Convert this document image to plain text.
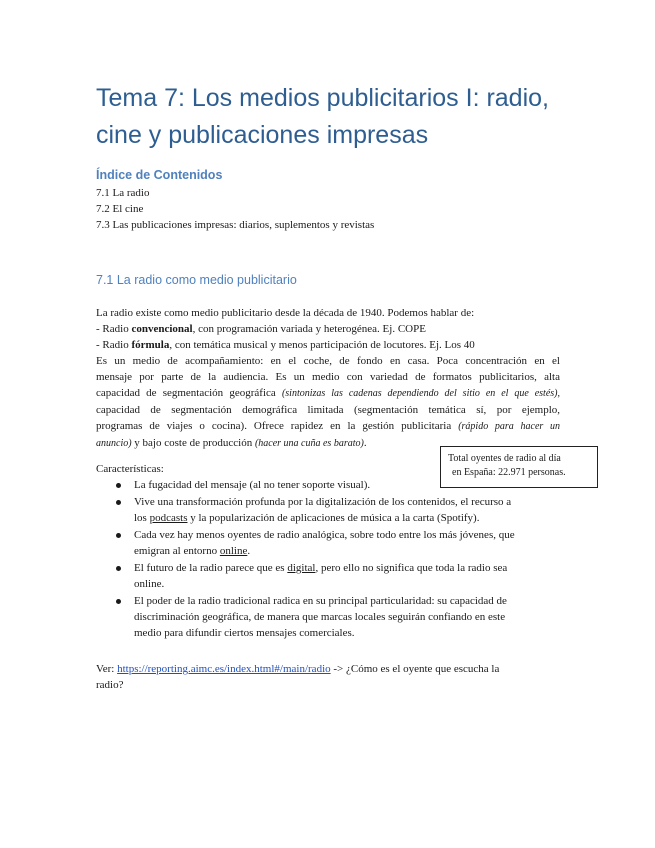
Tema 7: Los medios publicitarios I: radio,
cine y publicaciones impresas
Índice de Contenidos
7.1 La radio
7.2 El cine
7.3 Las publicaciones impresas: diarios, suplementos y revistas
7.1 La radio como medio publicitario
La radio existe como medio publicitario desde la década de 1940. Podemos hablar de:
- Radio convencional, con programación variada y heterogénea. Ej. COPE
- Radio fórmula, con temática musical y menos participación de locutores. Ej. Los 40
Es un medio de acompañamiento: en el coche, de fondo en casa. Poca concentración en el
mensaje por parte de la audiencia. Es un medio con variedad de formatos publicitarios, alta
capacidad de segmentación geográfica (sintonizas las cadenas dependiendo del sitio en el que estés),
capacidad de segmentación demográfica limitada (segmentación temática sí, por ejemplo,
programas de viajes o cocina). Ofrece rapidez en la gestión publicitaria (rápido para hacer un
anuncio) y bajo coste de producción (hacer una cuña es barato).
Total oyentes de radio al día
en España: 22.971 personas.
Características:
La fugacidad del mensaje (al no tener soporte visual).
Vive una transformación profunda por la digitalización de los contenidos, el recurso a
los podcasts y la popularización de aplicaciones de música a la carta (Spotify).
Cada vez hay menos oyentes de radio analógica, sobre todo entre los más jóvenes, que
emigran al entorno online.
El futuro de la radio parece que es digital, pero ello no significa que toda la radio sea
online.
El poder de la radio tradicional radica en su principal particularidad: su capacidad de
discriminación geográfica, de manera que marcas locales seguirán confiando en este
medio para difundir ciertos mensajes comerciales.
Ver: https://reporting.aimc.es/index.html#/main/radio -> ¿Cómo es el oyente que escucha la
radio?
